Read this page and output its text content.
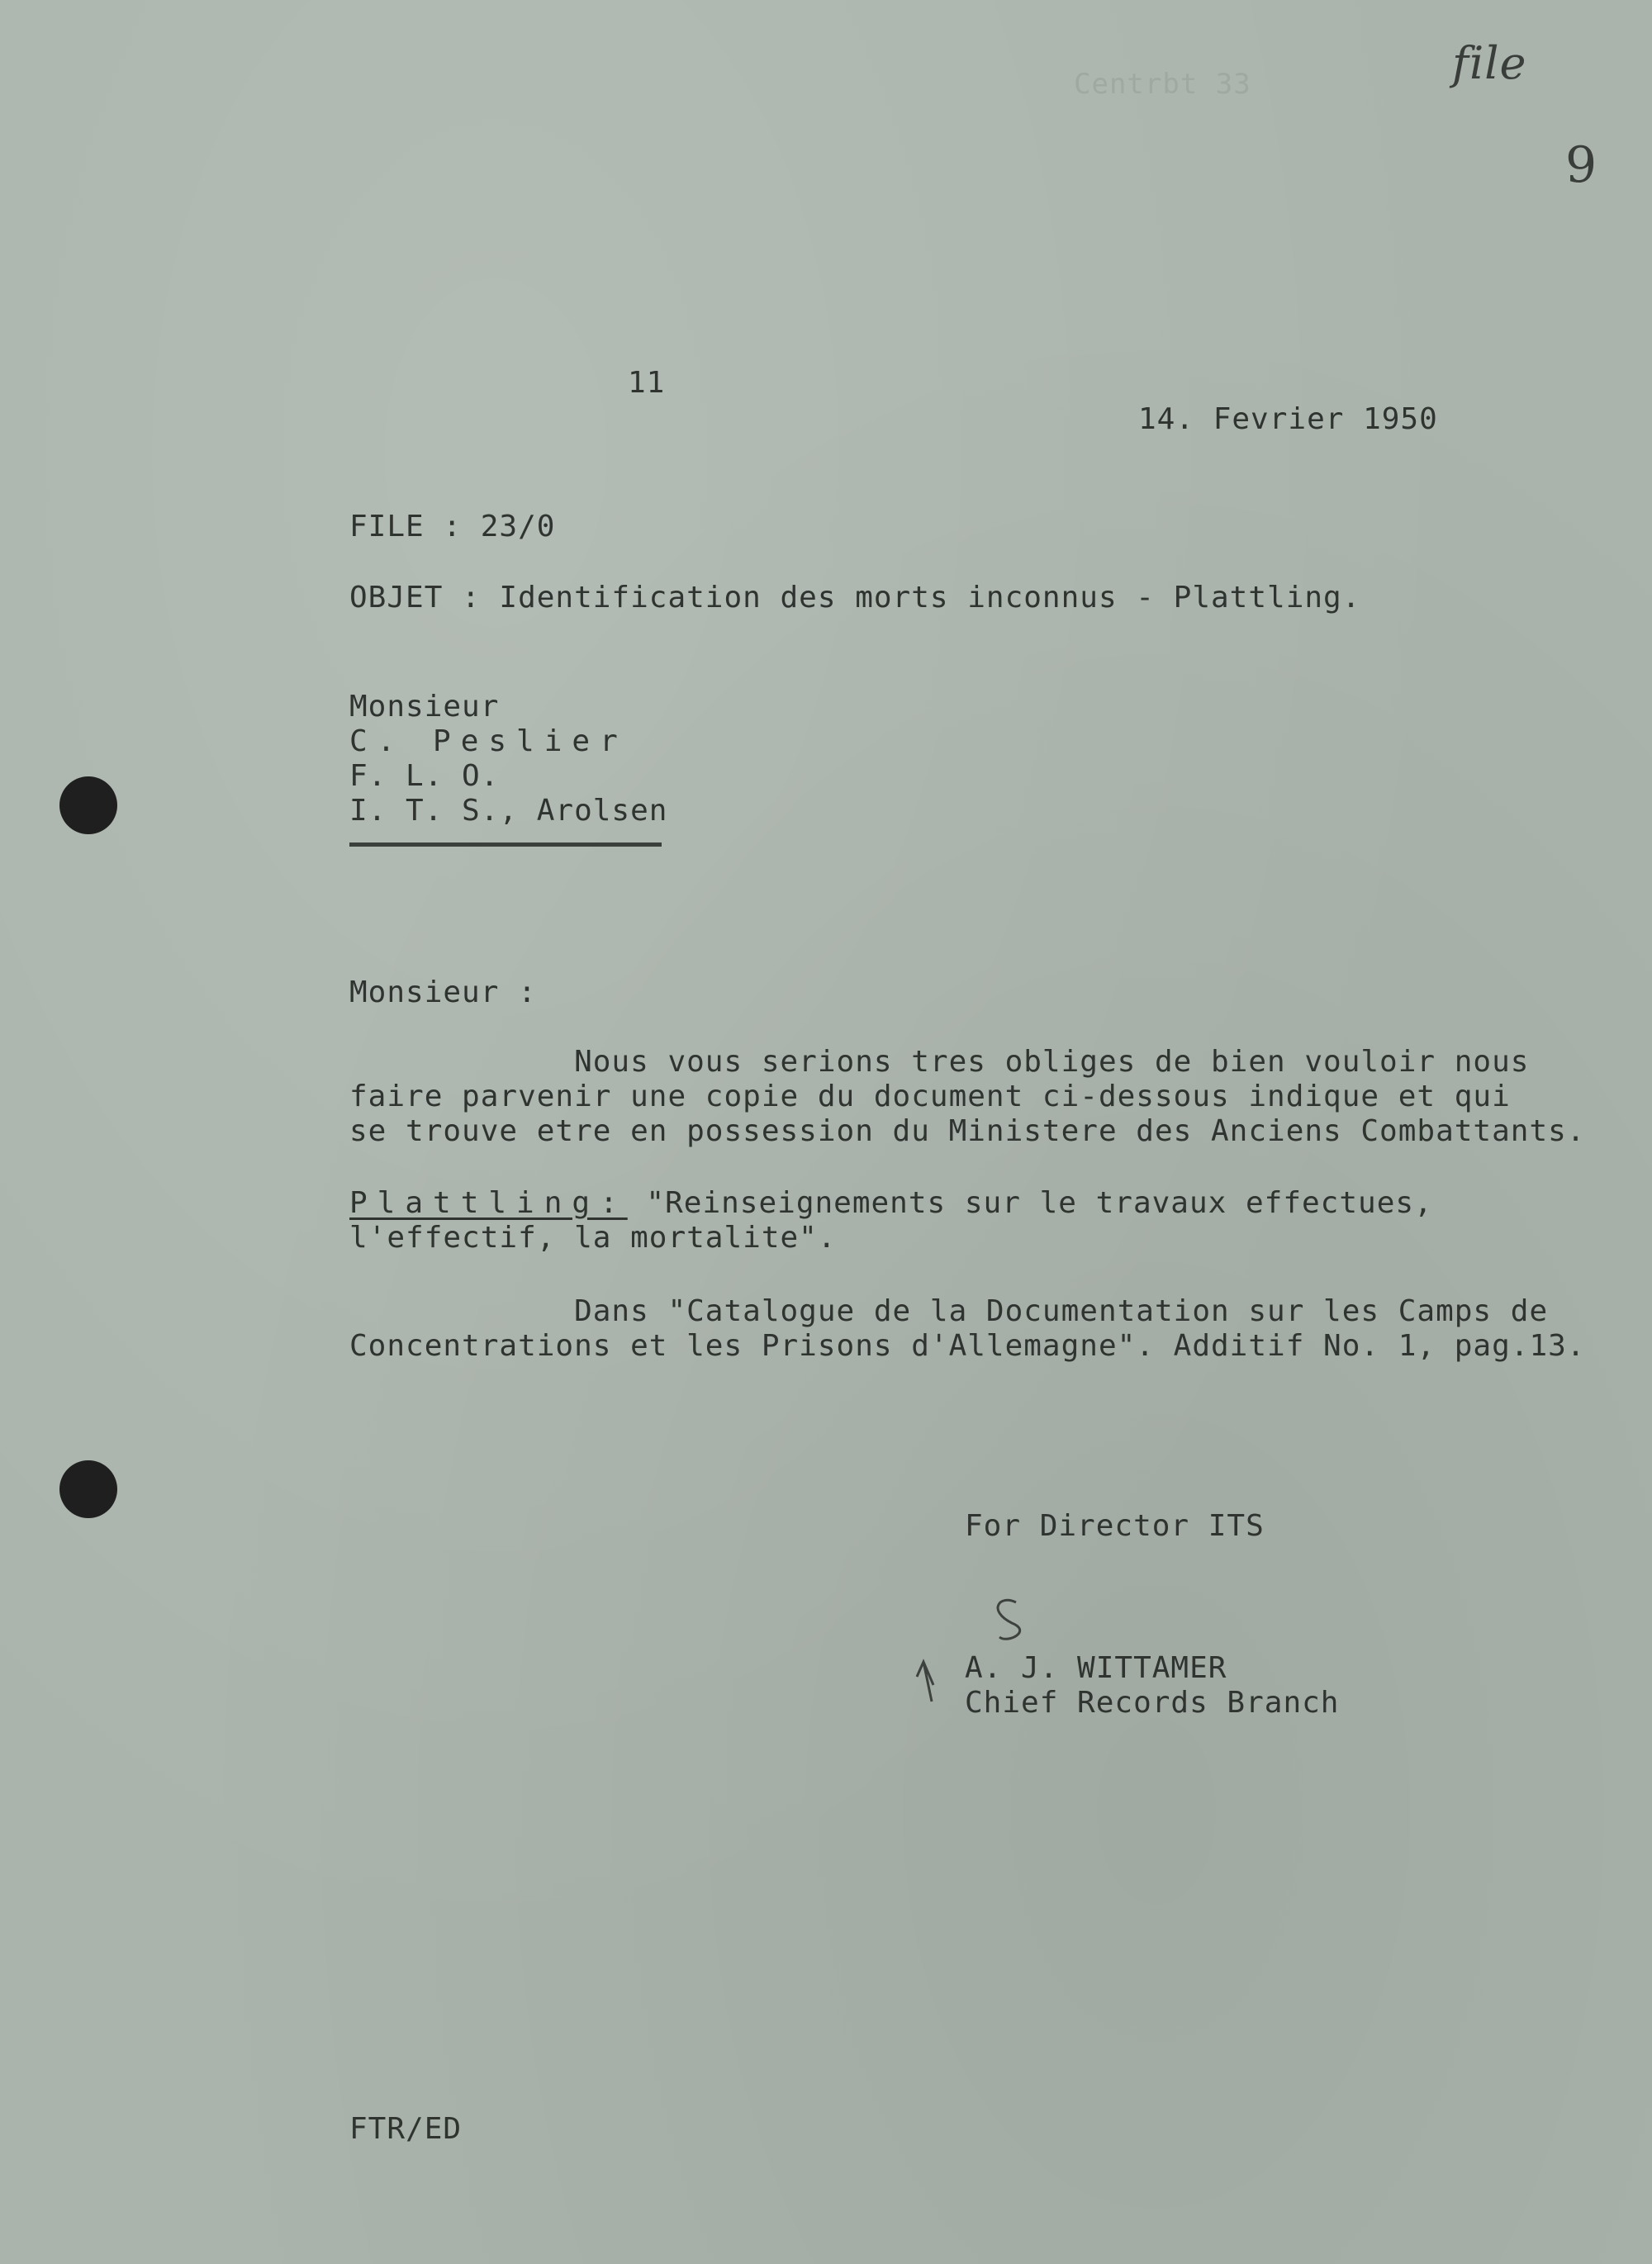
Centrbt 33	file
9
11
14. Fevrier 1950
FILE : 23/0
OBJET : Identification des morts inconnus - Plattling.
Monsieur
C. Peslier
F. L. O.
I. T. S., Arolsen
Monsieur :
Nous vous serions tres obliges de bien vouloir nous
faire parvenir une copie du document ci-dessous indique et qui
se trouve etre en possession du Ministere des Anciens Combattants.
Plattling: "Reinseignements sur le travaux effectues,
l'effectif, la mortalite".
Dans "Catalogue de la Documentation sur les Camps de
Concentrations et les Prisons d'Allemagne". Additif No. 1, pag.13.
For Director ITS
A. J. WITTAMER
Chief Records Branch
FTR/ED
